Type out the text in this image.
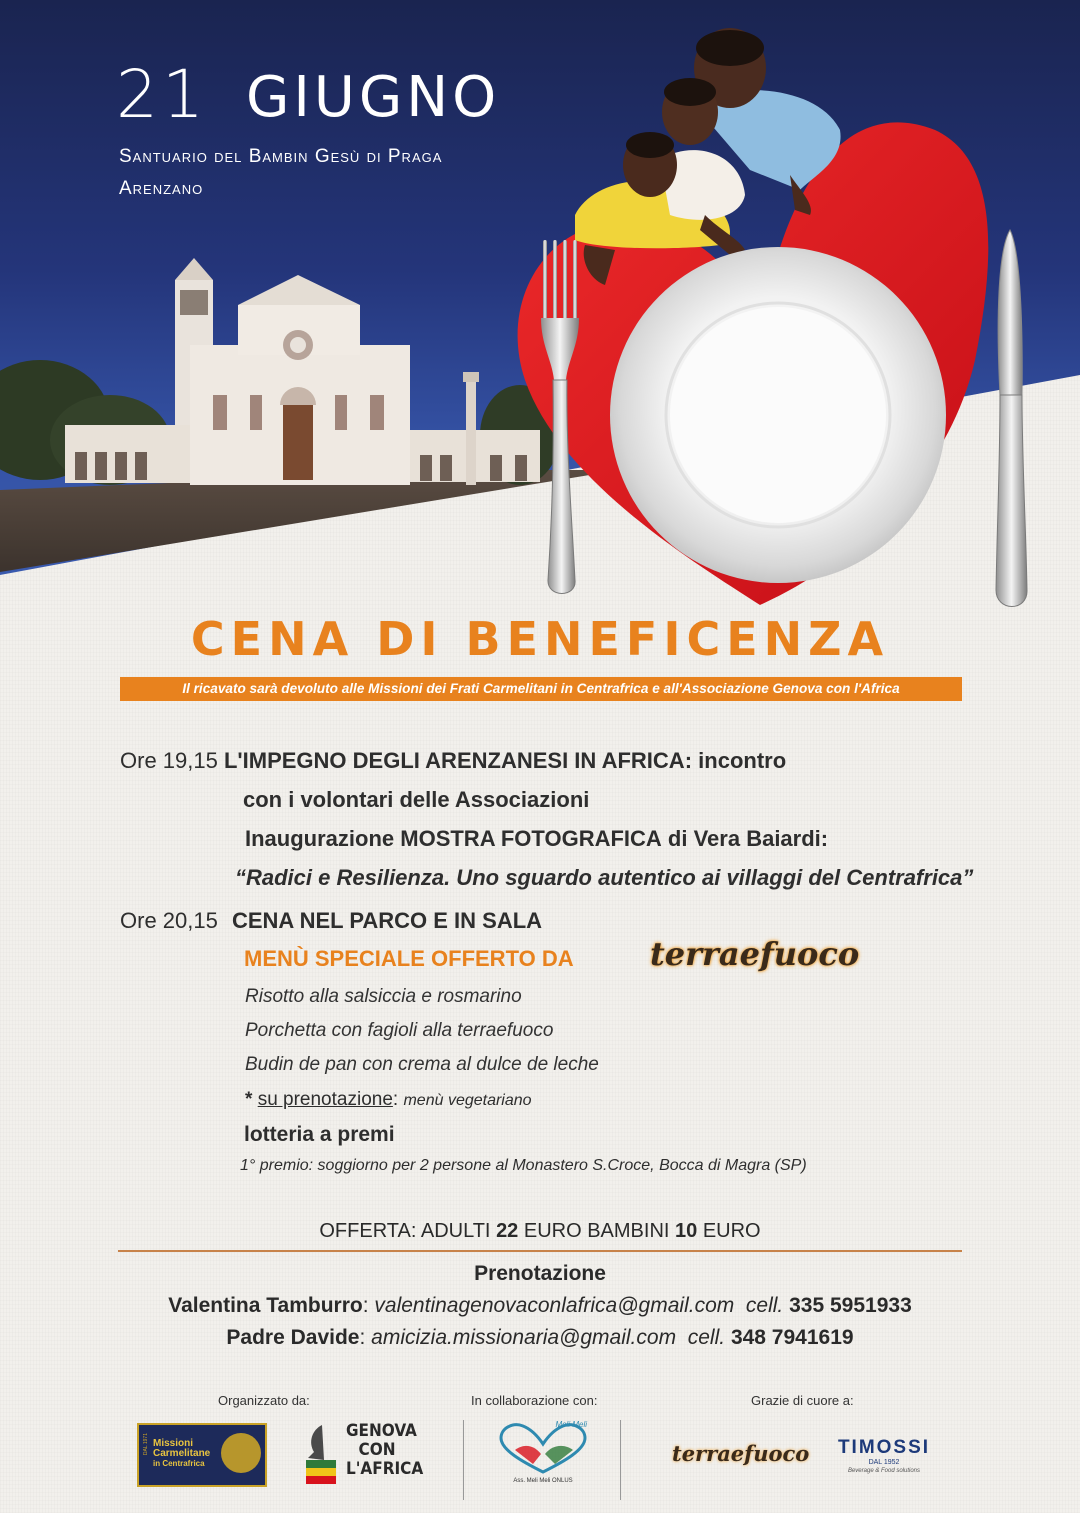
21 GIUGNO
Santuario del Bambin Gesù di Praga
Arenzano
CENA DI BENEFICENZA
Il ricavato sarà devoluto alle Missioni dei Frati Carmelitani in Centrafrica e all'Associazione Genova con l'Africa
Ore 19,15 L'IMPEGNO DEGLI ARENZANESI IN AFRICA: incontro
con i volontari delle Associazioni
Inaugurazione MOSTRA FOTOGRAFICA di Vera Baiardi:
“Radici e Resilienza. Uno sguardo autentico ai villaggi del Centrafrica”
Ore 20,15 CENA NEL PARCO E IN SALA
MENÙ SPECIALE OFFERTO DA terraefuoco
Risotto alla salsiccia e rosmarino
Porchetta con fagioli alla terraefuoco
Budin de pan con crema al dulce de leche
* su prenotazione: menù vegetariano
lotteria a premi
1° premio: soggiorno per 2 persone al Monastero S.Croce, Bocca di Magra (SP)
OFFERTA: ADULTI 22 EURO BAMBINI 10 EURO
Prenotazione
Valentina Tamburro: valentinagenovaconlafrica@gmail.com cell. 335 5951933
Padre Davide: amicizia.missionaria@gmail.com cell. 348 7941619
Organizzato da:	In collaborazione con:	Grazie di cuore a:
DAL 1971 Missioni
Carmelitane
in Centrafrica
GENOVA
CON
L'AFRICA
Meli Meli
Ass. Meli Meli ONLUS
terraefuoco	TIMOSSI
DAL 1952
Beverage & Food solutions
